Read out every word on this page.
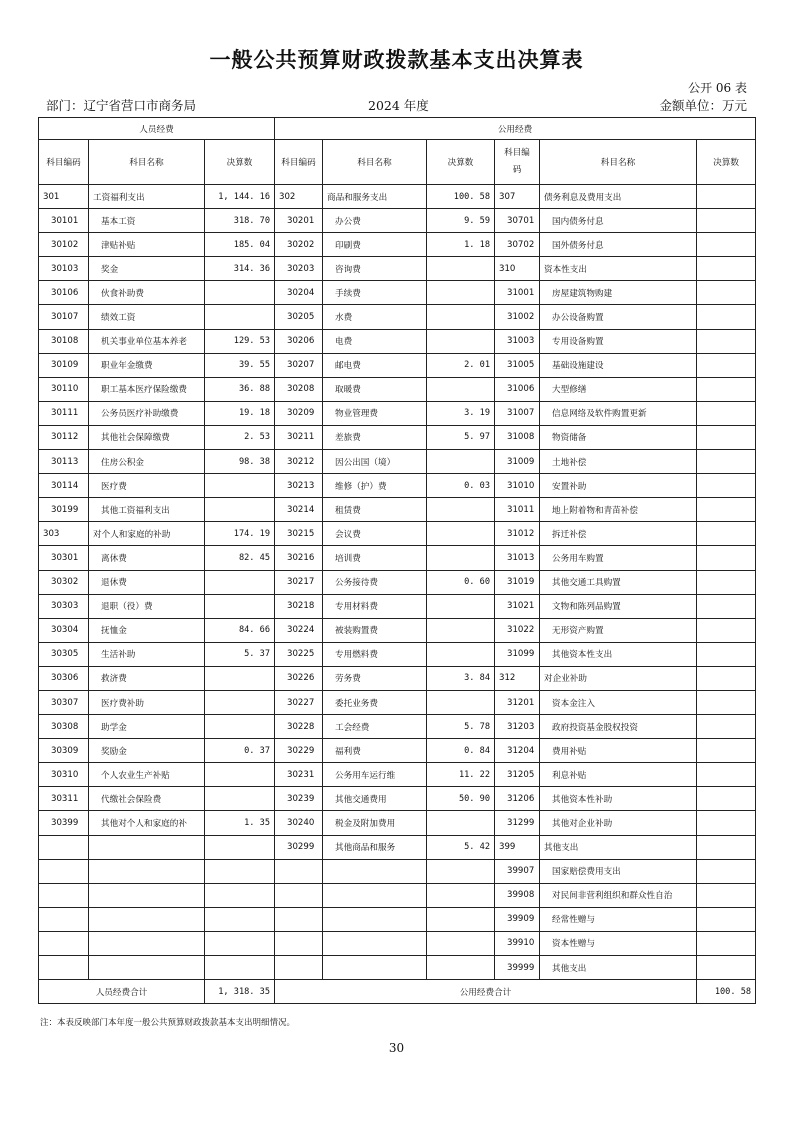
一般公共预算财政拨款基本支出决算表
公开 06 表
部门：辽宁省营口市商务局	2024 年度	金额单位：万元
人员经费			公用经费					
科目编码	科目名称	决算数	科目编码	科目名称	决算数	科目编码	科目名称	决算数
301	工资福利支出	1, 144. 16	302	商品和服务支出	100. 58	307	债务利息及费用支出	
30101	基本工资	318. 70	30201	办公费	9. 59	30701	国内债务付息	
30102	津贴补贴	185. 04	30202	印刷费	1. 18	30702	国外债务付息	
30103	奖金	314. 36	30203	咨询费		310	资本性支出	
30106	伙食补助费		30204	手续费		31001	房屋建筑物购建	
30107	绩效工资		30205	水费		31002	办公设备购置	
30108	机关事业单位基本养老	129. 53	30206	电费		31003	专用设备购置	
30109	职业年金缴费	39. 55	30207	邮电费	2. 01	31005	基础设施建设	
30110	职工基本医疗保险缴费	36. 88	30208	取暖费		31006	大型修缮	
30111	公务员医疗补助缴费	19. 18	30209	物业管理费	3. 19	31007	信息网络及软件购置更新	
30112	其他社会保障缴费	2. 53	30211	差旅费	5. 97	31008	物资储备	
30113	住房公积金	98. 38	30212	因公出国（境）		31009	土地补偿	
30114	医疗费		30213	维修（护）费	0. 03	31010	安置补助	
30199	其他工资福利支出		30214	租赁费		31011	地上附着物和青苗补偿	
303	对个人和家庭的补助	174. 19	30215	会议费		31012	拆迁补偿	
30301	离休费	82. 45	30216	培训费		31013	公务用车购置	
30302	退休费		30217	公务接待费	0. 60	31019	其他交通工具购置	
30303	退职（役）费		30218	专用材料费		31021	文物和陈列品购置	
30304	抚恤金	84. 66	30224	被装购置费		31022	无形资产购置	
30305	生活补助	5. 37	30225	专用燃料费		31099	其他资本性支出	
30306	救济费		30226	劳务费	3. 84	312	对企业补助	
30307	医疗费补助		30227	委托业务费		31201	资本金注入	
30308	助学金		30228	工会经费	5. 78	31203	政府投资基金股权投资	
30309	奖励金	0. 37	30229	福利费	0. 84	31204	费用补贴	
30310	个人农业生产补贴		30231	公务用车运行维	11. 22	31205	利息补贴	
30311	代缴社会保险费		30239	其他交通费用	50. 90	31206	其他资本性补助	
30399	其他对个人和家庭的补	1. 35	30240	税金及附加费用		31299	其他对企业补助	
			30299	其他商品和服务	5. 42	399	其他支出	
						39907	国家赔偿费用支出	
						39908	对民间非营利组织和群众性自治	
						39909	经常性赠与	
						39910	资本性赠与	
						39999	其他支出	
人员经费合计		1, 318. 35	公用经费合计					100. 58
注：本表反映部门本年度一般公共预算财政拨款基本支出明细情况。
30
